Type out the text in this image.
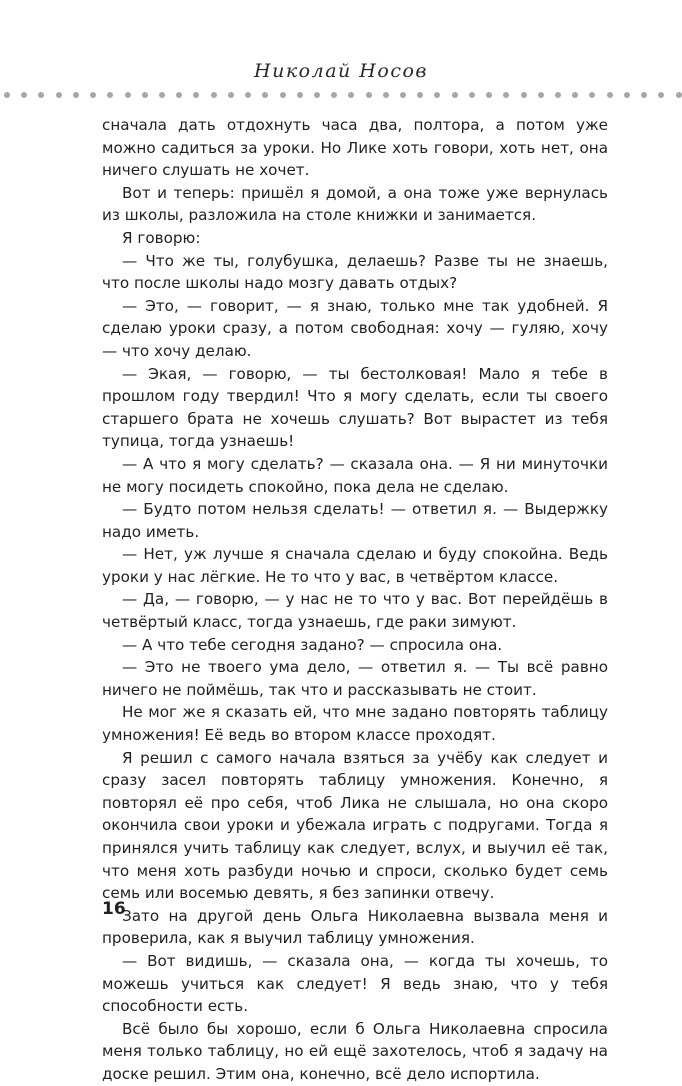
Николай Носов

сначала дать отдохнуть часа два, полтора, а потом уже можно садиться за уроки. Но Лике хоть говори, хоть нет, она ничего слушать не хочет.

Вот и теперь: пришёл я домой, а она тоже уже вернулась из школы, разложила на столе книжки и занимается.

Я говорю:

— Что же ты, голубушка, делаешь? Разве ты не знаешь, что после школы надо мозгу давать отдых?

— Это, — говорит, — я знаю, только мне так удобней. Я сделаю уроки сразу, а потом свободная: хочу — гуляю, хочу — что хочу делаю.

— Экая, — говорю, — ты бестолковая! Мало я тебе в прошлом году твердил! Что я могу сделать, если ты своего старшего брата не хочешь слушать? Вот вырастет из тебя тупица, тогда узнаешь!

— А что я могу сделать? — сказала она. — Я ни минуточки не могу посидеть спокойно, пока дела не сделаю.

— Будто потом нельзя сделать! — ответил я. — Выдержку надо иметь.

— Нет, уж лучше я сначала сделаю и буду спокойна. Ведь уроки у нас лёгкие. Не то что у вас, в четвёртом классе.

— Да, — говорю, — у нас не то что у вас. Вот перейдёшь в четвёртый класс, тогда узнаешь, где раки зимуют.

— А что тебе сегодня задано? — спросила она.

— Это не твоего ума дело, — ответил я. — Ты всё равно ничего не поймёшь, так что и рассказывать не стоит.

Не мог же я сказать ей, что мне задано повторять таблицу умножения! Её ведь во втором классе проходят.

Я решил с самого начала взяться за учёбу как следует и сразу засел повторять таблицу умножения. Конечно, я повторял её про себя, чтоб Лика не слышала, но она скоро окончила свои уроки и убежала играть с подругами. Тогда я принялся учить таблицу как следует, вслух, и выучил её так, что меня хоть разбуди ночью и спроси, сколько будет семь семь или восемью девять, я без запинки отвечу.

Зато на другой день Ольга Николаевна вызвала меня и проверила, как я выучил таблицу умножения.

— Вот видишь, — сказала она, — когда ты хочешь, то можешь учиться как следует! Я ведь знаю, что у тебя способности есть.

Всё было бы хорошо, если б Ольга Николаевна спросила меня только таблицу, но ей ещё захотелось, чтоб я задачу на доске решил. Этим она, конечно, всё дело испортила.

16
